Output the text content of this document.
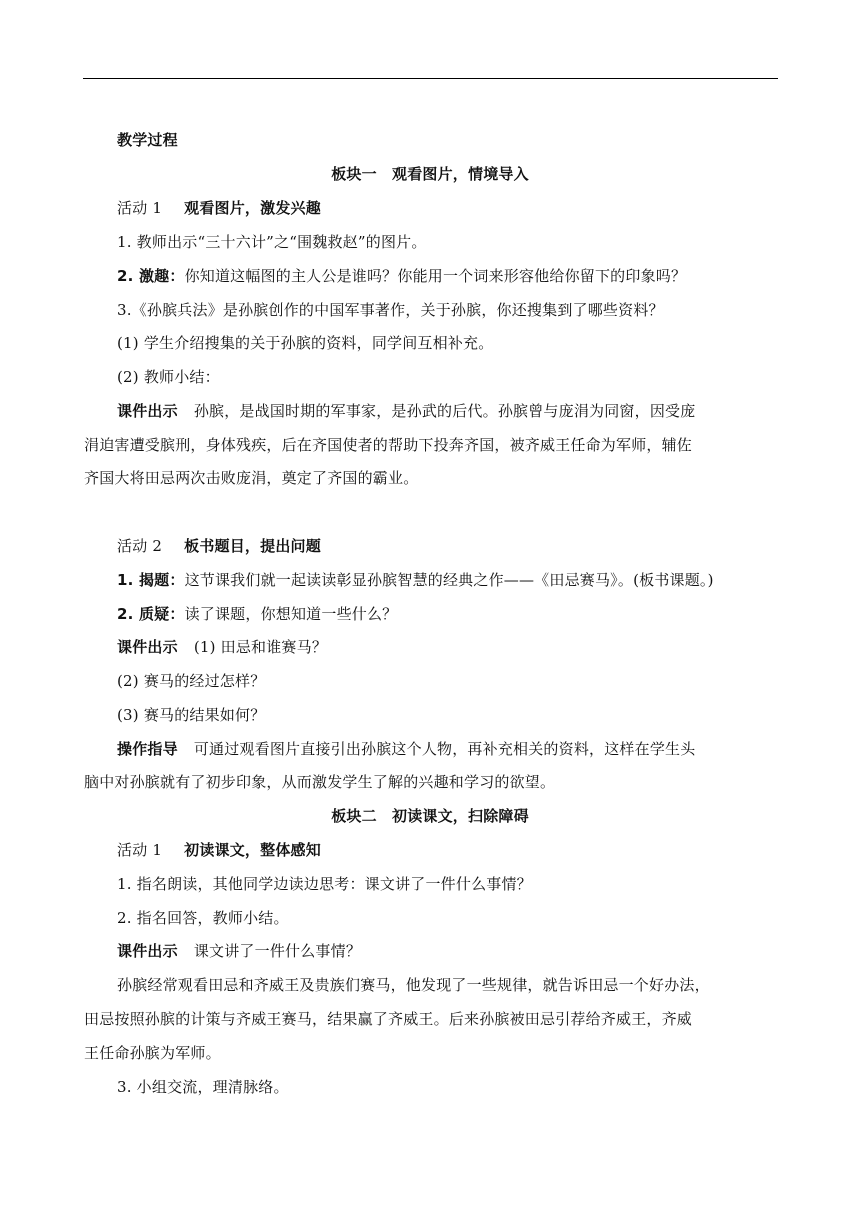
教学过程
板块一　观看图片，情境导入
活动 1 观看图片，激发兴趣
1. 教师出示“三十六计”之“围魏救赵”的图片。
2. 激趣：你知道这幅图的主人公是谁吗？你能用一个词来形容他给你留下的印象吗？
3.《孙膑兵法》是孙膑创作的中国军事著作，关于孙膑，你还搜集到了哪些资料？
(1) 学生介绍搜集的关于孙膑的资料，同学间互相补充。
(2) 教师小结：
课件出示 孙膑，是战国时期的军事家，是孙武的后代。孙膑曾与庞涓为同窗，因受庞
涓迫害遭受膑刑，身体残疾，后在齐国使者的帮助下投奔齐国，被齐威王任命为军师，辅佐
齐国大将田忌两次击败庞涓，奠定了齐国的霸业。
活动 2 板书题目，提出问题
1. 揭题：这节课我们就一起读读彰显孙膑智慧的经典之作——《田忌赛马》。(板书课题。)
2. 质疑：读了课题，你想知道一些什么？
课件出示 (1) 田忌和谁赛马？
(2) 赛马的经过怎样？
(3) 赛马的结果如何？
操作指导 可通过观看图片直接引出孙膑这个人物，再补充相关的资料，这样在学生头
脑中对孙膑就有了初步印象，从而激发学生了解的兴趣和学习的欲望。
板块二　初读课文，扫除障碍
活动 1 初读课文，整体感知
1. 指名朗读，其他同学边读边思考：课文讲了一件什么事情？
2. 指名回答，教师小结。
课件出示 课文讲了一件什么事情？
孙膑经常观看田忌和齐威王及贵族们赛马，他发现了一些规律，就告诉田忌一个好办法，
田忌按照孙膑的计策与齐威王赛马，结果赢了齐威王。后来孙膑被田忌引荐给齐威王，齐威
王任命孙膑为军师。
3. 小组交流，理清脉络。
